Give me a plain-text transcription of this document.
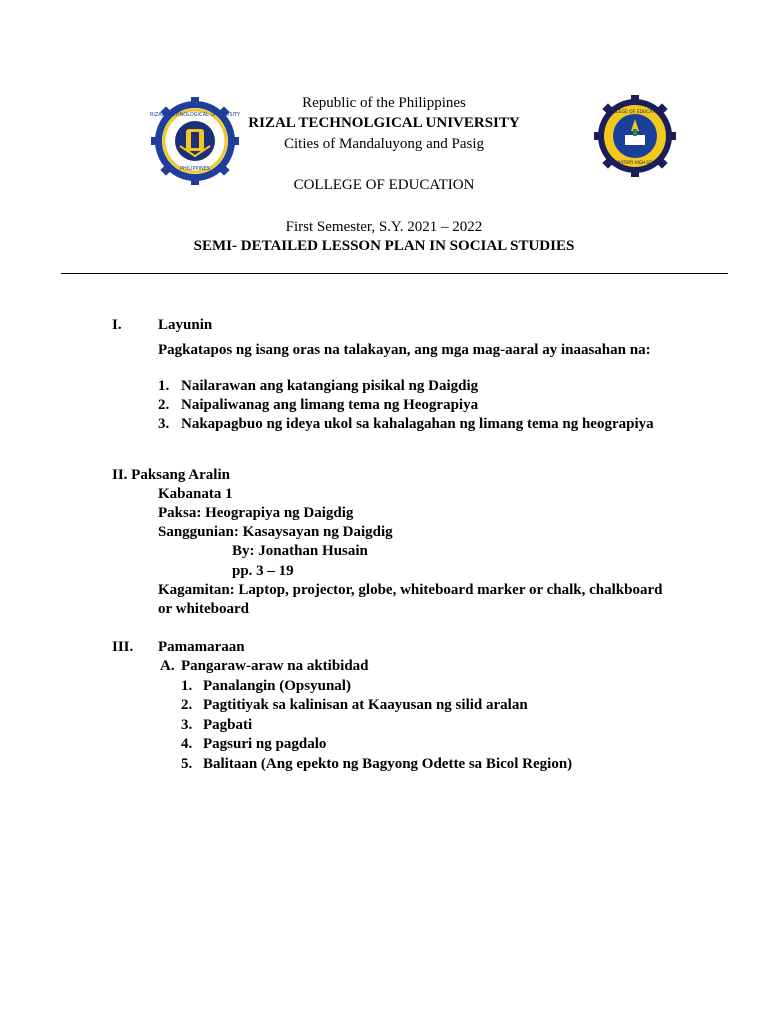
RIZAL TECHNOLOGICAL UNIVERSITY
PHILIPPINES
COLLEGE OF EDUCATION
LABORATORY HIGH SCHOOL
Republic of the Philippines
RIZAL TECHNOLGICAL UNIVERSITY
Cities of Mandaluyong and Pasig
COLLEGE OF EDUCATION
First Semester, S.Y. 2021 – 2022
SEMI- DETAILED LESSON PLAN IN SOCIAL STUDIES
I. Layunin
Pagkatapos ng isang oras na talakayan, ang mga mag-aaral ay inaasahan na:
1. Nailarawan ang katangiang pisikal ng Daigdig
2. Naipaliwanag ang limang tema ng Heograpiya
3. Nakapagbuo ng ideya ukol sa kahalagahan ng limang tema ng heograpiya
II. Paksang Aralin
Kabanata 1
Paksa: Heograpiya ng Daigdig
Sanggunian: Kasaysayan ng Daigdig
By: Jonathan Husain
pp. 3 – 19
Kagamitan: Laptop, projector, globe, whiteboard marker or chalk, chalkboard
or whiteboard
III. Pamamaraan
A. Pangaraw-araw na aktibidad
1. Panalangin (Opsyunal)
2. Pagtitiyak sa kalinisan at Kaayusan ng silid aralan
3. Pagbati
4. Pagsuri ng pagdalo
5. Balitaan (Ang epekto ng Bagyong Odette sa Bicol Region)
